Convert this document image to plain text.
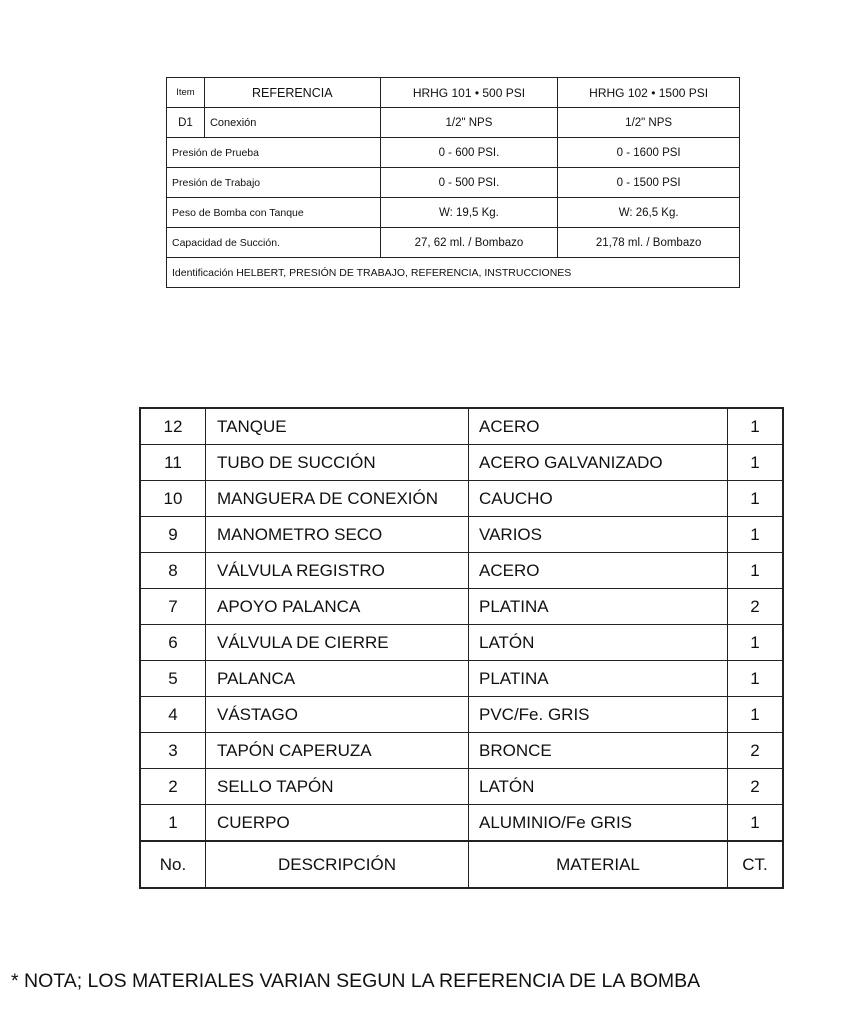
Item	REFERENCIA	HRHG 101 • 500 PSI	HRHG 102 • 1500 PSI
D1	Conexión	1/2" NPS	1/2" NPS
Presión de Prueba		0 - 600 PSI.	0 - 1600 PSI
Presión de Trabajo		0 - 500 PSI.	0 - 1500 PSI
Peso de Bomba con Tanque		W: 19,5 Kg.	W: 26,5 Kg.
Capacidad de Succión.		27, 62 ml. / Bombazo	21,78 ml. / Bombazo
Identificación HELBERT, PRESIÓN DE TRABAJO, REFERENCIA, INSTRUCCIONES			
12	TANQUE	ACERO	1
11	TUBO DE SUCCIÓN	ACERO GALVANIZADO	1
10	MANGUERA DE CONEXIÓN	CAUCHO	1
9	MANOMETRO SECO	VARIOS	1
8	VÁLVULA REGISTRO	ACERO	1
7	APOYO PALANCA	PLATINA	2
6	VÁLVULA DE CIERRE	LATÓN	1
5	PALANCA	PLATINA	1
4	VÁSTAGO	PVC/Fe. GRIS	1
3	TAPÓN CAPERUZA	BRONCE	2
2	SELLO TAPÓN	LATÓN	2
1	CUERPO	ALUMINIO/Fe GRIS	1
No.	DESCRIPCIÓN	MATERIAL	CT.
* NOTA; LOS MATERIALES VARIAN SEGUN LA REFERENCIA DE LA BOMBA
